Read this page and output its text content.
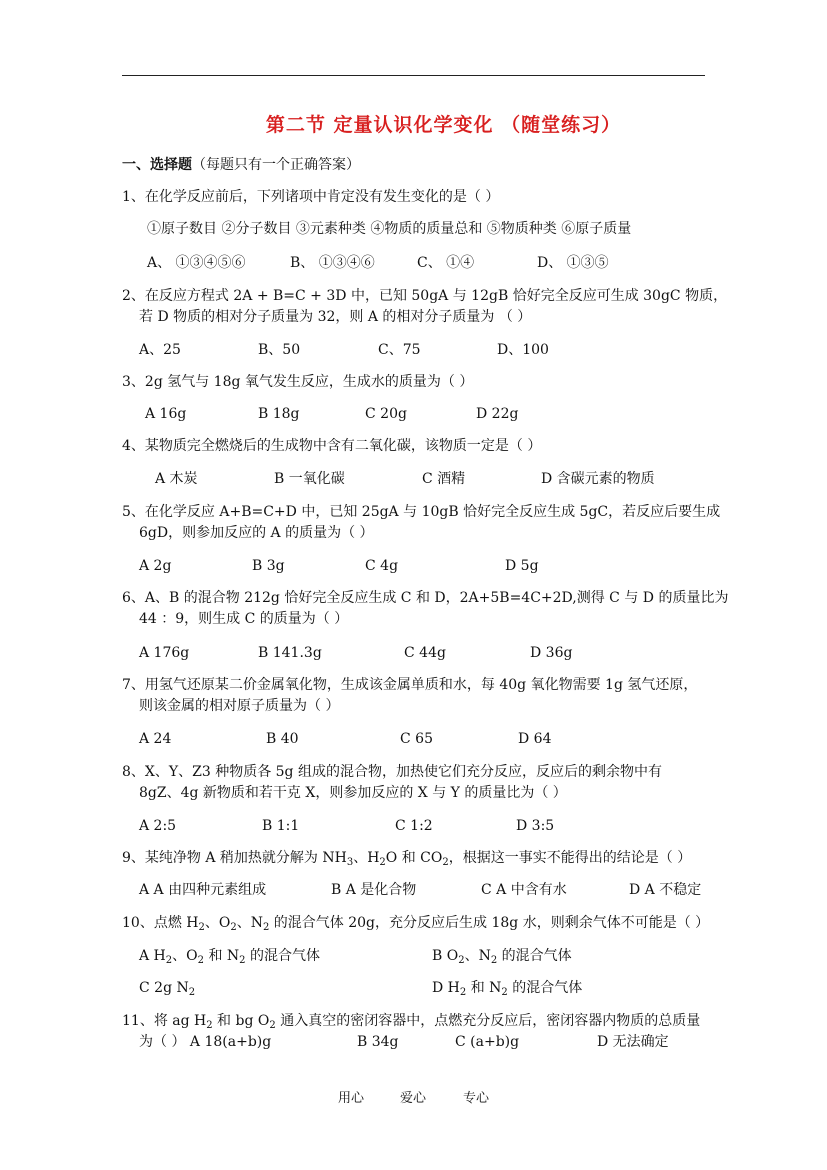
第二节 定量认识化学变化 （随堂练习）
一、选择题（每题只有一个正确答案）
1、在化学反应前后，下列诸项中肯定没有发生变化的是（ ）
①原子数目 ②分子数目 ③元素种类 ④物质的质量总和 ⑤物质种类 ⑥原子质量
A、 ①③④⑤⑥	B、 ①③④⑥	C、 ①④	D、 ①③⑤
2、在反应方程式 2A + B=C + 3D 中，已知 50gA 与 12gB 恰好完全反应可生成 30gC 物质，
若 D 物质的相对分子质量为 32，则 A 的相对分子质量为 （ ）
A、25	B、50	C、75	D、100
3、2g 氢气与 18g 氧气发生反应，生成水的质量为（ ）
A 16g	B 18g	C 20g	D 22g
4、某物质完全燃烧后的生成物中含有二氧化碳，该物质一定是（ ）
A 木炭	B 一氧化碳	C 酒精	D 含碳元素的物质
5、在化学反应 A+B=C+D 中，已知 25gA 与 10gB 恰好完全反应生成 5gC，若反应后要生成
6gD，则参加反应的 A 的质量为（ ）
A 2g	B 3g	C 4g	D 5g
6、A、B 的混合物 212g 恰好完全反应生成 C 和 D，2A+5B=4C+2D,测得 C 与 D 的质量比为
44 ：9，则生成 C 的质量为（ ）
A 176g	B 141.3g	C 44g	D 36g
7、用氢气还原某二价金属氧化物，生成该金属单质和水，每 40g 氧化物需要 1g 氢气还原，
则该金属的相对原子质量为（ ）
A 24	B 40	C 65	D 64
8、X、Y、Z3 种物质各 5g 组成的混合物，加热使它们充分反应，反应后的剩余物中有
8gZ、4g 新物质和若干克 X，则参加反应的 X 与 Y 的质量比为（ ）
A 2:5	B 1:1	C 1:2	D 3:5
9、某纯净物 A 稍加热就分解为 $NH_3$、$H_2O$ 和 $CO_2$，根据这一事实不能得出的结论是（ ）
A A 由四种元素组成	B A 是化合物	C A 中含有水	D A 不稳定
10、点燃 $H_2$、$O_2$、$N_2$ 的混合气体 20g，充分反应后生成 18g 水，则剩余气体不可能是（ ）
A $H_2$、$O_2$ 和 $N_2$ 的混合气体	B $O_2$、$N_2$ 的混合气体
C 2g $N_2$	D $H_2$ 和 $N_2$ 的混合气体
11、将 ag $H_2$ 和 bg $O_2$ 通入真空的密闭容器中，点燃充分反应后，密闭容器内物质的总质量
为（ ） A 18(a+b)g	B 34g	C (a+b)g	D 无法确定
用心	爱心	专心
